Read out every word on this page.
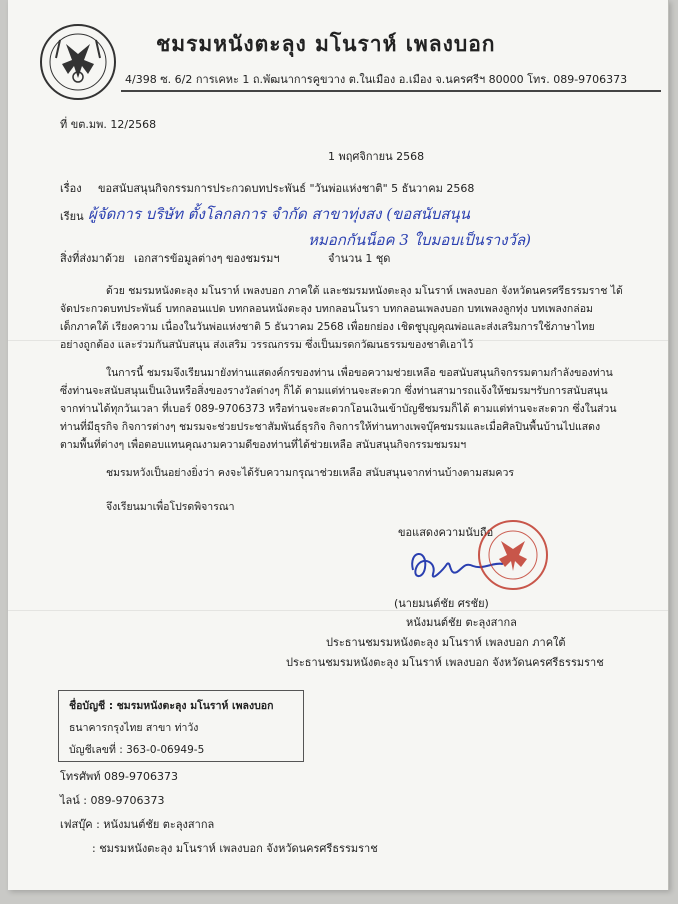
ชมรมหนังตะลุง มโนราห์ เพลงบอก
4/398 ซ. 6/2 การเคหะ 1 ถ.พัฒนาการคูขวาง ต.ในเมือง อ.เมือง จ.นครศรีฯ 80000 โทร. 089-9706373
ที่ ขต.มพ. 12/2568
1 พฤศจิกายน 2568
เรื่อง ขอสนับสนุนกิจกรรมการประกวดบทประพันธ์ "วันพ่อแห่งชาติ" 5 ธันวาคม 2568
เรียน ผู้จัดการ บริษัท ตั้งโลกลการ จำกัด สาขาทุ่งสง (ขอสนับสนุน
หมอกกันน็อค 3 ใบมอบเป็นรางวัล)
สิ่งที่ส่งมาด้วย เอกสารข้อมูลต่างๆ ของชมรมฯ	จำนวน 1 ชุด
ด้วย ชมรมหนังตะลุง มโนราห์ เพลงบอก ภาคใต้ และชมรมหนังตะลุง มโนราห์ เพลงบอก จังหวัดนครศรีธรรมราช ได้
จัดประกวดบทประพันธ์ บทกลอนแปด บทกลอนหนังตะลุง บทกลอนโนรา บทกลอนเพลงบอก บทเพลงลูกทุ่ง บทเพลงกล่อม
เด็กภาคใต้ เรียงความ เนื่องในวันพ่อแห่งชาติ 5 ธันวาคม 2568 เพื่อยกย่อง เชิดชูบุญคุณพ่อและส่งเสริมการใช้ภาษาไทย
อย่างถูกต้อง และร่วมกันสนับสนุน ส่งเสริม วรรณกรรม ซึ่งเป็นมรดกวัฒนธรรมของชาติเอาไว้
ในการนี้ ชมรมจึงเรียนมายังท่านแสดงค์กรของท่าน เพื่อขอความช่วยเหลือ ขอสนับสนุนกิจกรรมตามกำลังของท่าน
ซึ่งท่านจะสนับสนุนเป็นเงินหรือสิ่งของรางวัลต่างๆ ก็ได้ ตามแต่ท่านจะสะดวก ซึ่งท่านสามารถแจ้งให้ชมรมฯรับการสนับสนุน
จากท่านได้ทุกวันเวลา ที่เบอร์ 089-9706373 หรือท่านจะสะดวกโอนเงินเข้าบัญชีชมรมก็ได้ ตามแต่ท่านจะสะดวก ซึ่งในส่วน
ท่านที่มีธุรกิจ กิจการต่างๆ ชมรมจะช่วยประชาสัมพันธ์ธุรกิจ กิจการให้ท่านทางเพจบุ๊คชมรมและเมื่อศิลปินพื้นบ้านไปแสดง
ตามพื้นที่ต่างๆ เพื่อตอบแทนคุณงามความดีของท่านที่ได้ช่วยเหลือ สนับสนุนกิจกรรมชมรมฯ
ชมรมหวังเป็นอย่างยิ่งว่า คงจะได้รับความกรุณาช่วยเหลือ สนับสนุนจากท่านบ้างตามสมควร
จึงเรียนมาเพื่อโปรดพิจารณา
ขอแสดงความนับถือ
(นายมนต์ชัย ศรชัย)
หนังมนต์ชัย ตะลุงสากล
ประธานชมรมหนังตะลุง มโนราห์ เพลงบอก ภาคใต้
ประธานชมรมหนังตะลุง มโนราห์ เพลงบอก จังหวัดนครศรีธรรมราช
ชื่อบัญชี : ชมรมหนังตะลุง มโนราห์ เพลงบอก
ธนาคารกรุงไทย สาขา ท่าวัง
บัญชีเลขที่ : 363-0-06949-5
โทรศัพท์ 089-9706373
ไลน์ : 089-9706373
เฟสบุ๊ค : หนังมนต์ชัย ตะลุงสากล
: ชมรมหนังตะลุง มโนราห์ เพลงบอก จังหวัดนครศรีธรรมราช
